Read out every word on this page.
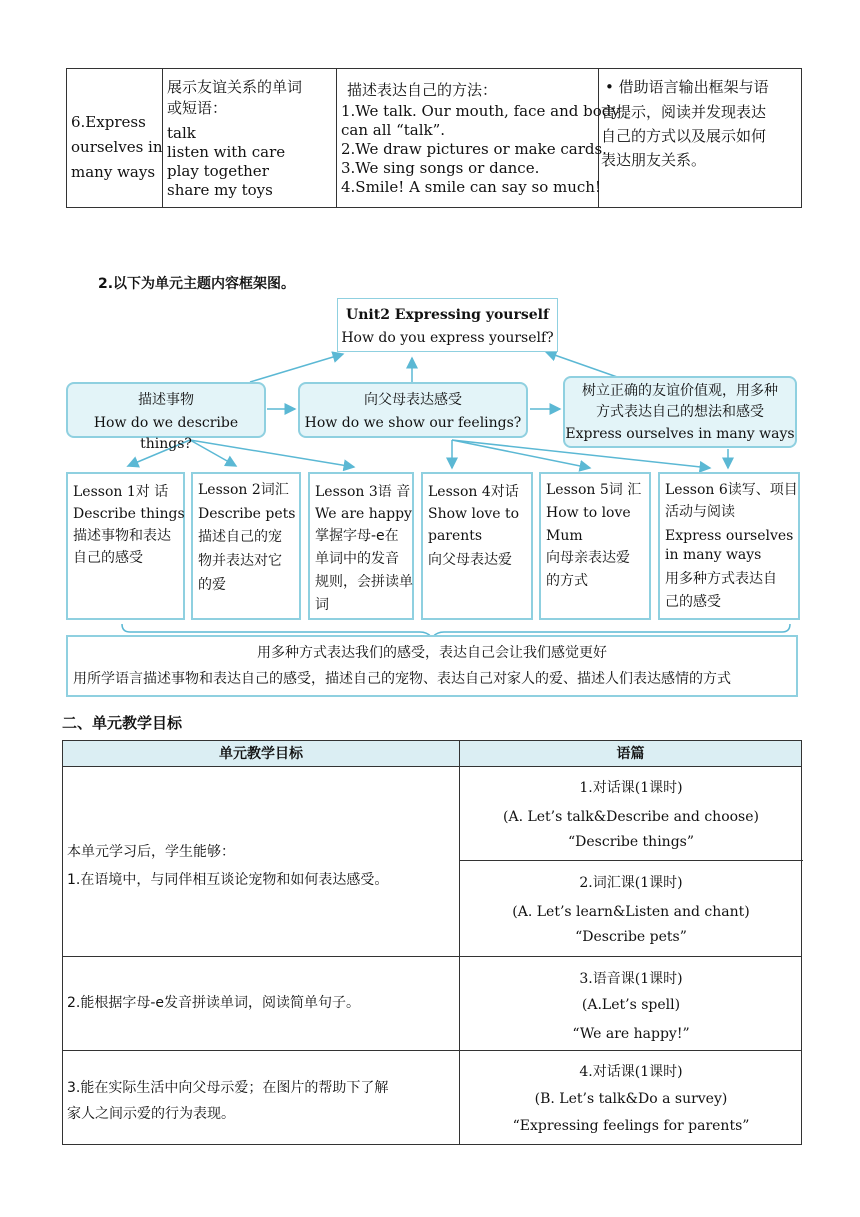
6.Express
ourselves in
many ways
展示友谊关系的单词
或短语：
talk
listen with care
play together
share my toys
描述表达自己的方法：
1.We talk. Our mouth, face and body
can all “talk”.
2.We draw pictures or make cards.
3.We sing songs or dance.
4.Smile! A smile can say so much!
• 借助语言输出框架与语
言提示，阅读并发现表达
自己的方式以及展示如何
表达朋友关系。
2.以下为单元主题内容框架图。
Unit2 Expressing yourself
How do you express yourself?
描述事物
How do we describe things?
向父母表达感受
How do we show our feelings?
树立正确的友谊价值观，用多种
方式表达自己的想法和感受
Express ourselves in many ways
Lesson 1对 话
Describe things
描述事物和表达
自己的感受
Lesson 2词汇
Describe pets
描述自己的宠
物并表达对它
的爱
Lesson 3语 音
We are happy
掌握字母-e在
单词中的发音
规则，会拼读单
词
Lesson 4对话
Show love to
parents
向父母表达爱
Lesson 5词 汇
How to love
Mum
向母亲表达爱
的方式
Lesson 6读写、项目
活动与阅读
Express ourselves
in many ways
用多种方式表达自
己的感受
用多种方式表达我们的感受，表达自己会让我们感觉更好
用所学语言描述事物和表达自己的感受，描述自己的宠物、表达自己对家人的爱、描述人们表达感情的方式
二、单元教学目标
单元教学目标	语篇
本单元学习后，学生能够：
1.在语境中，与同伴相互谈论宠物和如何表达感受。
1.对话课(1课时)
(A. Let’s talk&Describe and choose)
“Describe things”
2.词汇课(1课时)
(A. Let’s learn&Listen and chant)
“Describe pets”
2.能根据字母-e发音拼读单词，阅读简单句子。
3.语音课(1课时)
(A.Let’s spell)
“We are happy!”
3.能在实际生活中向父母示爱；在图片的帮助下了解
家人之间示爱的行为表现。
4.对话课(1课时)
(B. Let’s talk&Do a survey)
“Expressing feelings for parents”
